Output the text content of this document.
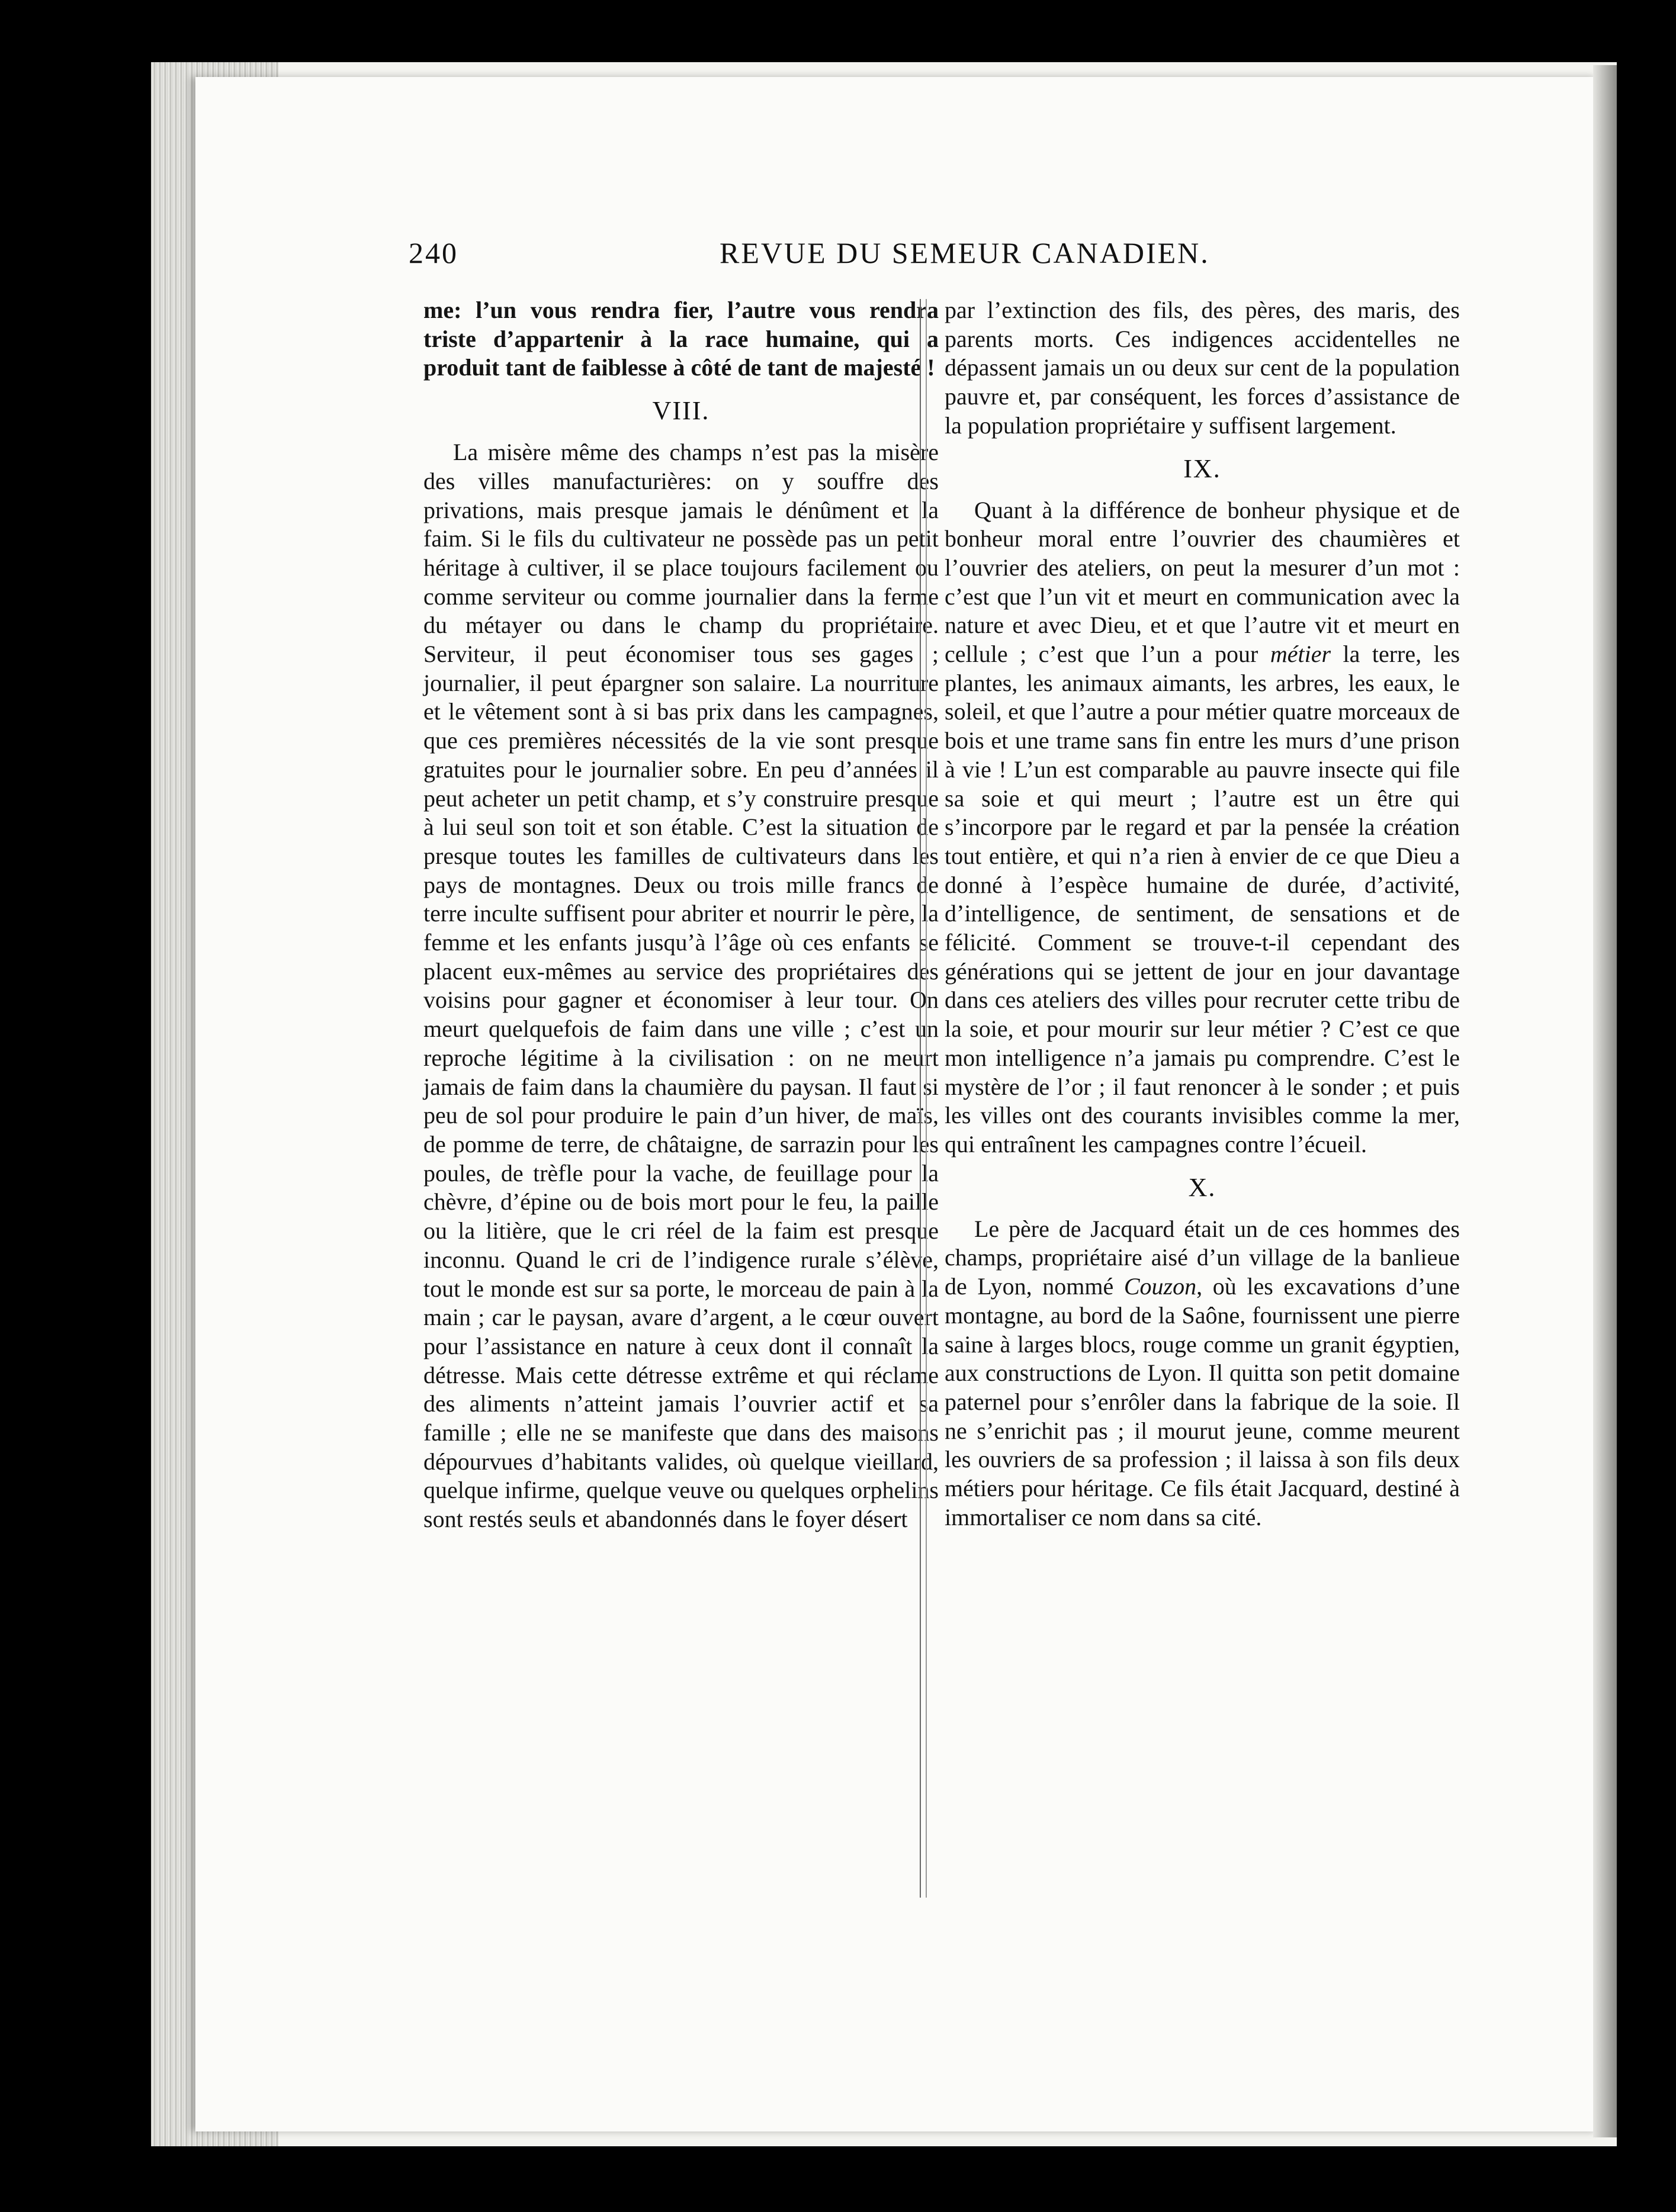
240	REVUE DU SEMEUR CANADIEN.

me: l’un vous rendra fier, l’autre vous rendra triste d’appartenir à la race humaine, qui a produit tant de faiblesse à côté de tant de majesté !

VIII.

La misère même des champs n’est pas la misère des villes manufacturières: on y souffre des privations, mais presque jamais le dénûment et la faim. Si le fils du cultivateur ne possède pas un petit héritage à cultiver, il se place toujours facilement ou comme serviteur ou comme journalier dans la ferme du métayer ou dans le champ du propriétaire. Serviteur, il peut économiser tous ses gages ; journalier, il peut épargner son salaire. La nourriture et le vêtement sont à si bas prix dans les campagnes, que ces premières nécessités de la vie sont presque gratuites pour le journalier sobre. En peu d’années il peut acheter un petit champ, et s’y construire presque à lui seul son toit et son étable. C’est la situation de presque toutes les familles de cultivateurs dans les pays de montagnes. Deux ou trois mille francs de terre inculte suffisent pour abriter et nourrir le père, la femme et les enfants jusqu’à l’âge où ces enfants se placent eux-mêmes au service des propriétaires des voisins pour gagner et économiser à leur tour. On meurt quelquefois de faim dans une ville ; c’est un reproche légitime à la civilisation : on ne meurt jamais de faim dans la chaumière du paysan. Il faut si peu de sol pour produire le pain d’un hiver, de maïs, de pomme de terre, de châtaigne, de sarrazin pour les poules, de trèfle pour la vache, de feuillage pour la chèvre, d’épine ou de bois mort pour le feu, la paille ou la litière, que le cri réel de la faim est presque inconnu. Quand le cri de l’indigence rurale s’élève, tout le monde est sur sa porte, le morceau de pain à la main ; car le paysan, avare d’argent, a le cœur ouvert pour l’assistance en nature à ceux dont il connaît la détresse. Mais cette détresse extrême et qui réclame des aliments n’atteint jamais l’ouvrier actif et sa famille ; elle ne se manifeste que dans des maisons dépourvues d’habitants valides, où quelque vieillard, quelque infirme, quelque veuve ou quelques orphelins sont restés seuls et abandonnés dans le foyer désert

par l’extinction des fils, des pères, des maris, des parents morts. Ces indigences accidentelles ne dépassent jamais un ou deux sur cent de la population pauvre et, par conséquent, les forces d’assistance de la population propriétaire y suffisent largement.

IX.

Quant à la différence de bonheur physique et de bonheur moral entre l’ouvrier des chaumières et l’ouvrier des ateliers, on peut la mesurer d’un mot : c’est que l’un vit et meurt en communication avec la nature et avec Dieu, et et que l’autre vit et meurt en cellule ; c’est que l’un a pour métier la terre, les plantes, les animaux aimants, les arbres, les eaux, le soleil, et que l’autre a pour métier quatre morceaux de bois et une trame sans fin entre les murs d’une prison à vie ! L’un est comparable au pauvre insecte qui file sa soie et qui meurt ; l’autre est un être qui s’incorpore par le regard et par la pensée la création tout entière, et qui n’a rien à envier de ce que Dieu a donné à l’espèce humaine de durée, d’activité, d’intelligence, de sentiment, de sensations et de félicité. Comment se trouve-t-il cependant des générations qui se jettent de jour en jour davantage dans ces ateliers des villes pour recruter cette tribu de la soie, et pour mourir sur leur métier ? C’est ce que mon intelligence n’a jamais pu comprendre. C’est le mystère de l’or ; il faut renoncer à le sonder ; et puis les villes ont des courants invisibles comme la mer, qui entraînent les campagnes contre l’écueil.

X.

Le père de Jacquard était un de ces hommes des champs, propriétaire aisé d’un village de la banlieue de Lyon, nommé Couzon, où les excavations d’une montagne, au bord de la Saône, fournissent une pierre saine à larges blocs, rouge comme un granit égyptien, aux constructions de Lyon. Il quitta son petit domaine paternel pour s’enrôler dans la fabrique de la soie. Il ne s’enrichit pas ; il mourut jeune, comme meurent les ouvriers de sa profession ; il laissa à son fils deux métiers pour héritage. Ce fils était Jacquard, destiné à immortaliser ce nom dans sa cité.
